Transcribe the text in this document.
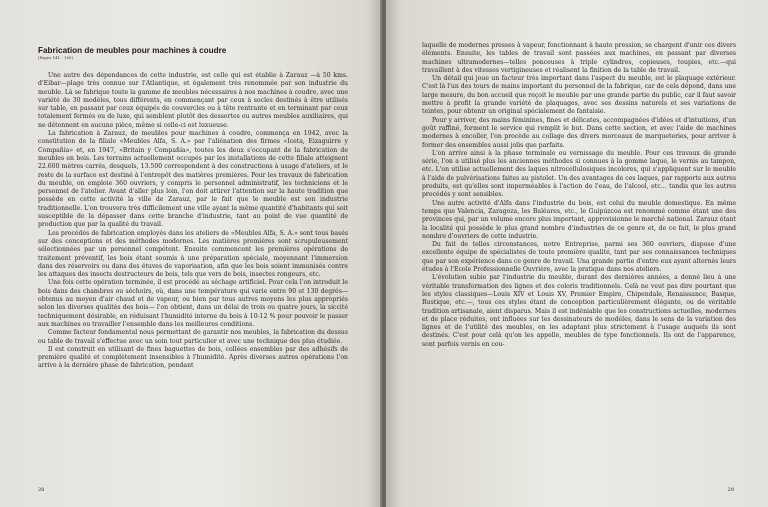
Fabrication de meubles pour machines à coudre
(Pages 141 - 150)

Une autre des dépendances de cette industrie, est celle qui est établie à Zarauz —à 50 kms. d'Eibar—plage très connue sur l'Atlantique, et également très renommée par son industrie du meuble. Là se fabrique toute la gamme de meubles nécessaires à nos machines à coudre, avec une variété de 30 modèles, tous différents, en commençant par ceux à socles destinés à être utilisés sur table, en passant par ceux équipés de couvercles ou à tête rentrante et en terminant par ceux totalement fermés ou de luxe, qui semblent plutôt des dessertes ou autres meubles auxiliaires, qui ne détonnent en aucune pièce, même si celle-ci est luxueuse.

La fabrication à Zarauz, de meubles pour machines à coudre, commença en 1942, avec la constitution de la filiale «Meubles Alfa, S. A.» par l'aliénation des firmes «Iceta, Eizaguirre y Compañía» et, en 1947, «Britain y Compañía», toutes les deux s'occupant de la fabrication de meubles en bois. Les terrains actuellement occupés par les installations de cette filiale atteignent 22.600 mètres carrés, desquels, 13.500 correspondent à des constructions à usage d'ateliers, et le reste de la surface est destiné à l'entrepôt des matières premières. Pour les travaux de fabrication du meuble, on emploie 360 ouvriers, y compris le personnel administratif, les techniciens et le personnel de l'atelier. Avant d'aller plus loin, l'on doit attirer l'attention sur la haute tradition que possède en cette activité la ville de Zarauz, par le fait que le meuble est son industrie traditionnelle. L'on trouvera très difficilement une ville ayant la même quantité d'habitants qui soit susceptible de la dépasser dans cette branche d'industrie, tant au point de vue quantité de production que par la qualité du travail.

Les procédés de fabrication employés dans les ateliers de «Meubles Alfa, S. A.» sont tous basés sur des conceptions et des méthodes modernes. Les matières premières sont scrupuleusement sélectionnées par un personnel compétent. Ensuite commencent les premières opérations de traitement préventif, les bois étant soumis à une préparation spéciale, moyennant l'immersion dans des réservoirs ou dans des étuves de vaporisation, afin que les bois soient immunisés contre les attaques des insects destructeurs de bois, tels que vers de bois, insectes rongeurs, etc.

Une fois cette opération terminée, il est procédé au séchage artificiel. Pour cela l'on introduit le bois dans des chambres ou séchoirs, où, dans une température qui varie entre 90 et 130 degrés—obtenus au moyen d'air chaud et de vapeur, ou bien par tous autres moyens les plus appropriés selon les diverses qualités des bois— l'on obtient, dans un délai de trois ou quatre jours, la siccité techniquement désirable, en réduisant l'humidité interne du bois à 10-12 % pour pouvoir le passer aux machines ou travailler l'ensemble dans les meilleures conditions.

Comme facteur fondamental nous permettant de garantir nos meubles, la fabrication du dessus ou table de travail s'effectue avec un soin tout particulier et avec une technique des plus étudiée.

Il est construit en utilisant de fines baguettes de bois, collées ensembles par des adhésifs de première qualité et complètement insensibles à l'humidité. Après diverses autres opérations l'on arrive à la dernière phase de fabrication, pendant

28

laquelle de modernes presses à vapeur, fonctionnant à haute pression, se chargent d'unir ces divers éléments. Ensuite, les tables de travail sont passées aux machines, en passant par diverses machines ultramodernes—telles ponceuses à triple cylindres, copieuses, toupies, etc.—qui travaillent à des vitesses vertigineuses et réalisent la finition de la table de travail.

Un détail qui joue un facteur très important dans l'aspect du meuble, est le plaquage extérieur. C'est là l'un des tours de mains important du personnel de la fabrique, car de cela dépend, dans une large mesure, du bon accueil que reçoit le meuble par une grande partie du public, car il faut savoir mettre à profit la grande variété de plaquages, avec ses dessins naturels et ses variations de teintes, pour obtenir un original spécialement de fantaisie.

Pour y arriver, des mains féminines, fines et délicates, accompagnées d'idées et d'intuitions, d'un goût raffiné, forment le service qui remplit le but. Dans cette section, et avec l'aide de machines modernes à encoller, l'on procède au collage des divers morceaux de marqueteries, pour arriver à former des ensembles aussi jolis que parfaits.

L'on arrive ainsi à la phase terminale ou vernissage du meuble. Pour ces travaux de grande série, l'on a utilisé plus les anciennes méthodes si connues à la gomme laque, le vernis au tampon, etc. L'on utilise actuellement des laques nitrocellulosiques incolores, qui s'appliquent sur le meuble à l'aide de pulvérisations faites au pistolet. Un des avantages de ces laques, par rapports aux autres produits, est qu'elles sont imperméables à l'action de l'eau, de l'alcool, etc... tandis que les autres procédés y sont sensibles.

Une autre activité d'Alfa dans l'industrie du bois, est celui du meuble domestique. En même temps que Valencia, Zaragoza, les Baléares, etc., le Guipúzcoa est renommé comme étant une des provinces qui, par un volume encore plus important, approvisionne le marché national. Zarauz étant la localité qui possède le plus grand nombre d'industries de ce genre et, de ce fait, le plus grand nombre d'ouvriers de cette industrie.

Du fait de telles circonstances, notre Entreprise, parmi ses 360 ouvriers, dispose d'une excellente équipe de spécialistes de toute première qualité, tant par ses connaissances techniques que par son expérience dans ce genre de travail. Una grande partie d'entre eux ayant alternés leurs études à l'Ecole Professionnelle Ouvrière, avec la pratique dans nos ateliers.

L'évolution subie par l'industrie du meuble, durant des dernières années, a donné lieu à une véritable transformation des lignes et des coloris traditionnels. Celà ne veut pas dire pourtant que les styles classiques—Louis XIV et Louis XV, Premier Empire, Chipendale, Renaissance, Basque, Rustique, etc.—, tous ces styles étant de conception particulièrement élégante, ou de véritable tradition artisanale, aient disparus. Mais il est indéniable que les constructions actuelles, modernes et de place réduites, ont influées sur les dessinateurs de modèles, dans le sens de la variation des lignes et de l'utilité des meubles, en les adaptant plus strictement à l'usage auquels ils sont destinés. C'est pour celà qu'on les appelle, meubles de type fonctionnels. Ils ont de l'apparence, sont parfois vernis en cou-

29
